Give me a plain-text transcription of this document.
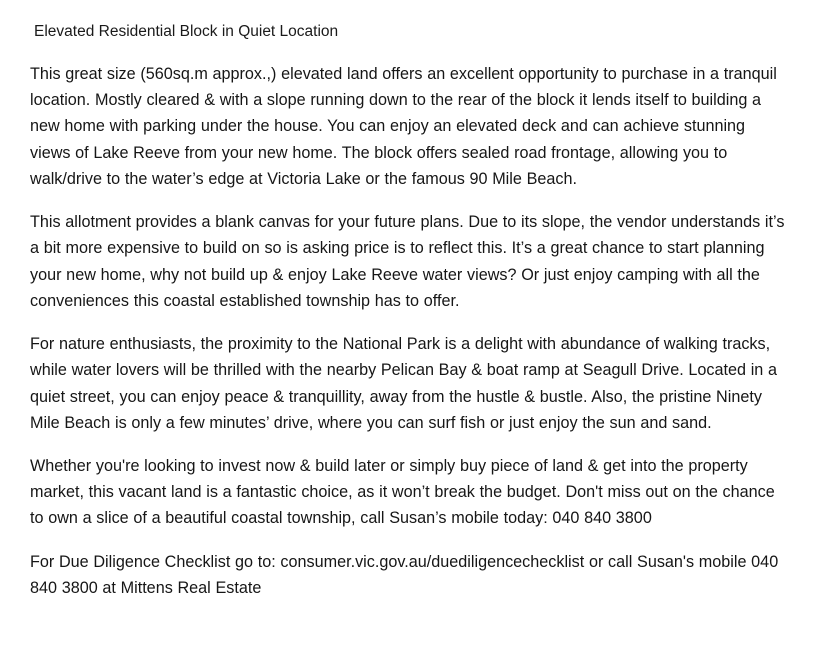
Elevated Residential Block in Quiet Location

This great size (560sq.m approx.,) elevated land offers an excellent opportunity to purchase in a tranquil location. Mostly cleared & with a slope running down to the rear of the block it lends itself to building a new home with parking under the house. You can enjoy an elevated deck and can achieve stunning views of Lake Reeve from your new home. The block offers sealed road frontage, allowing you to walk/drive to the water’s edge at Victoria Lake or the famous 90 Mile Beach.

This allotment provides a blank canvas for your future plans. Due to its slope, the vendor understands it’s a bit more expensive to build on so is asking price is to reflect this. It’s a great chance to start planning your new home, why not build up & enjoy Lake Reeve water views? Or just enjoy camping with all the conveniences this coastal established township has to offer.

For nature enthusiasts, the proximity to the National Park is a delight with abundance of walking tracks, while water lovers will be thrilled with the nearby Pelican Bay & boat ramp at Seagull Drive. Located in a quiet street, you can enjoy peace & tranquillity, away from the hustle & bustle. Also, the pristine Ninety Mile Beach is only a few minutes’ drive, where you can surf fish or just enjoy the sun and sand.

Whether you're looking to invest now & build later or simply buy piece of land & get into the property market, this vacant land is a fantastic choice, as it won’t break the budget. Don't miss out on the chance to own a slice of a beautiful coastal township, call Susan’s mobile today: 040 840 3800

For Due Diligence Checklist go to: consumer.vic.gov.au/duediligencechecklist or call Susan's mobile 040 840 3800 at Mittens Real Estate
